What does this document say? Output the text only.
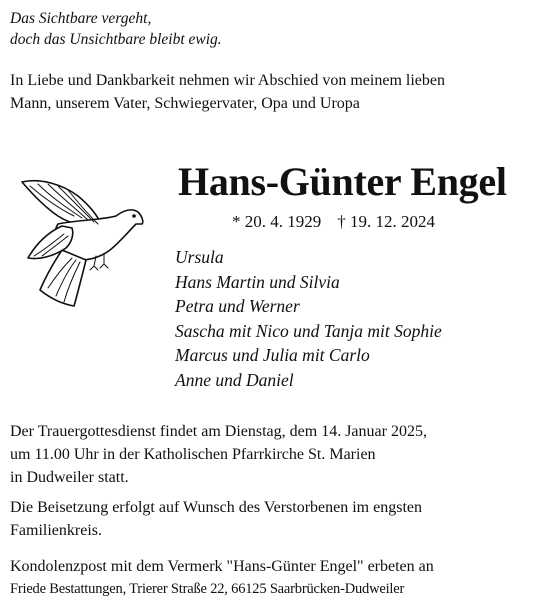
Das Sichtbare vergeht,
doch das Unsichtbare bleibt ewig.
In Liebe und Dankbarkeit nehmen wir Abschied von meinem lieben
Mann, unserem Vater, Schwiegervater, Opa und Uropa
Hans-Günter Engel
* 20. 4. 1929 † 19. 12. 2024
Ursula
Hans Martin und Silvia
Petra und Werner
Sascha mit Nico und Tanja mit Sophie
Marcus und Julia mit Carlo
Anne und Daniel
Der Trauergottesdienst findet am Dienstag, dem 14. Januar 2025,
um 11.00 Uhr in der Katholischen Pfarrkirche St. Marien
in Dudweiler statt.
Die Beisetzung erfolgt auf Wunsch des Verstorbenen im engsten
Familienkreis.
Kondolenzpost mit dem Vermerk "Hans-Günter Engel" erbeten an
Friede Bestattungen, Trierer Straße 22, 66125 Saarbrücken-Dudweiler
